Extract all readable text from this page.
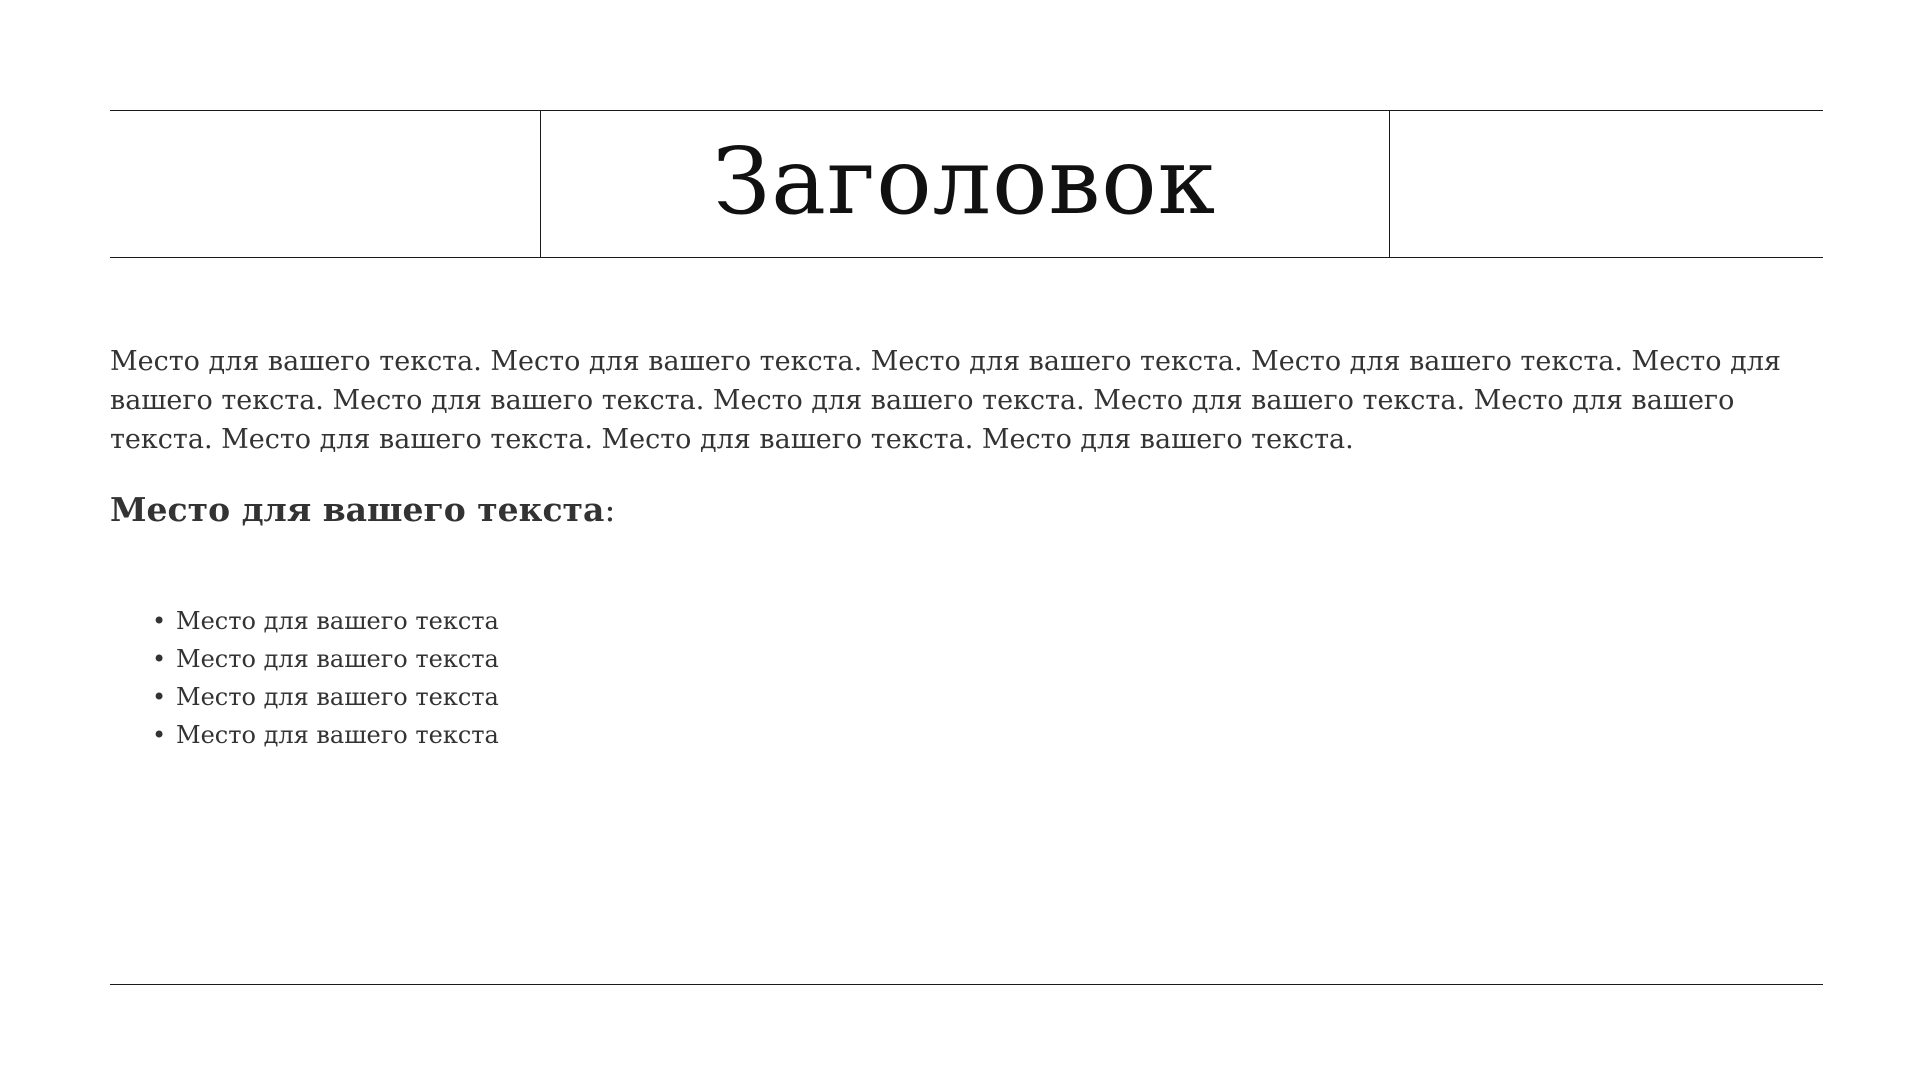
Заголовок

Место для вашего текста. Место для вашего текста. Место для вашего текста. Место для вашего текста. Место для вашего текста. Место для вашего текста. Место для вашего текста. Место для вашего текста. Место для вашего текста. Место для вашего текста. Место для вашего текста. Место для вашего текста.

Место для вашего текста:

• Место для вашего текста
• Место для вашего текста
• Место для вашего текста
• Место для вашего текста
